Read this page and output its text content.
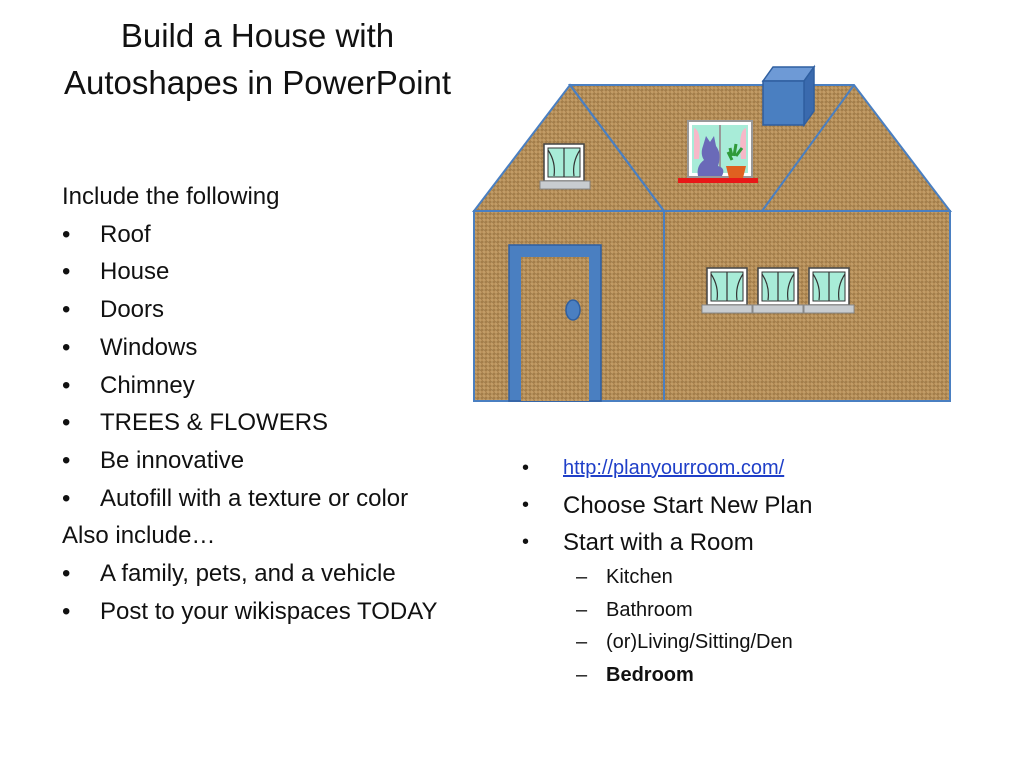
Build a House with Autoshapes in PowerPoint
Include the following
•	Roof
•	House
•	Doors
•	Windows
•	Chimney
•	TREES & FLOWERS
•	Be innovative
•	Autofill with a texture or color
Also include…
•	A family, pets, and a vehicle
•	Post to your wikispaces TODAY
•	http://planyourroom.com/
•	Choose Start New Plan
•	Start with a Room
– Kitchen
– Bathroom
– (or)Living/Sitting/Den
– Bedroom
